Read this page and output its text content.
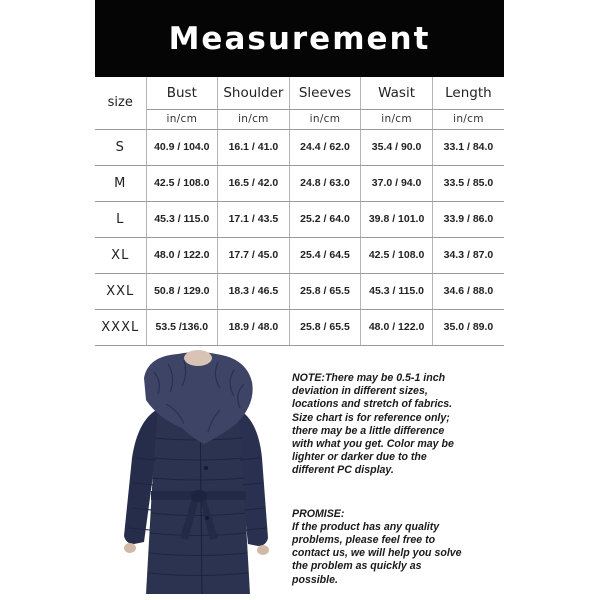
Measurement
size	Bust	Shoulder	Sleeves	Wasit	Length
	in/cm	in/cm	in/cm	in/cm	in/cm
S	40.9 / 104.0	16.1 / 41.0	24.4 / 62.0	35.4 / 90.0	33.1 / 84.0
M	42.5 / 108.0	16.5 / 42.0	24.8 / 63.0	37.0 / 94.0	33.5 / 85.0
L	45.3 / 115.0	17.1 / 43.5	25.2 / 64.0	39.8 / 101.0	33.9 / 86.0
XL	48.0 / 122.0	17.7 / 45.0	25.4 / 64.5	42.5 / 108.0	34.3 / 87.0
XXL	50.8 / 129.0	18.3 / 46.5	25.8 / 65.5	45.3 / 115.0	34.6 / 88.0
XXXL	53.5 /136.0	18.9 / 48.0	25.8 / 65.5	48.0 / 122.0	35.0 / 89.0
NOTE:There may be 0.5-1 inch
deviation in different sizes,
locations and stretch of fabrics.
Size chart is for reference only;
there may be a little difference
with what you get. Color may be
lighter or darker due to the
different PC display.
PROMISE:
If the product has any quality
problems, please feel free to
contact us, we will help you solve
the problem as quickly as
possible.
